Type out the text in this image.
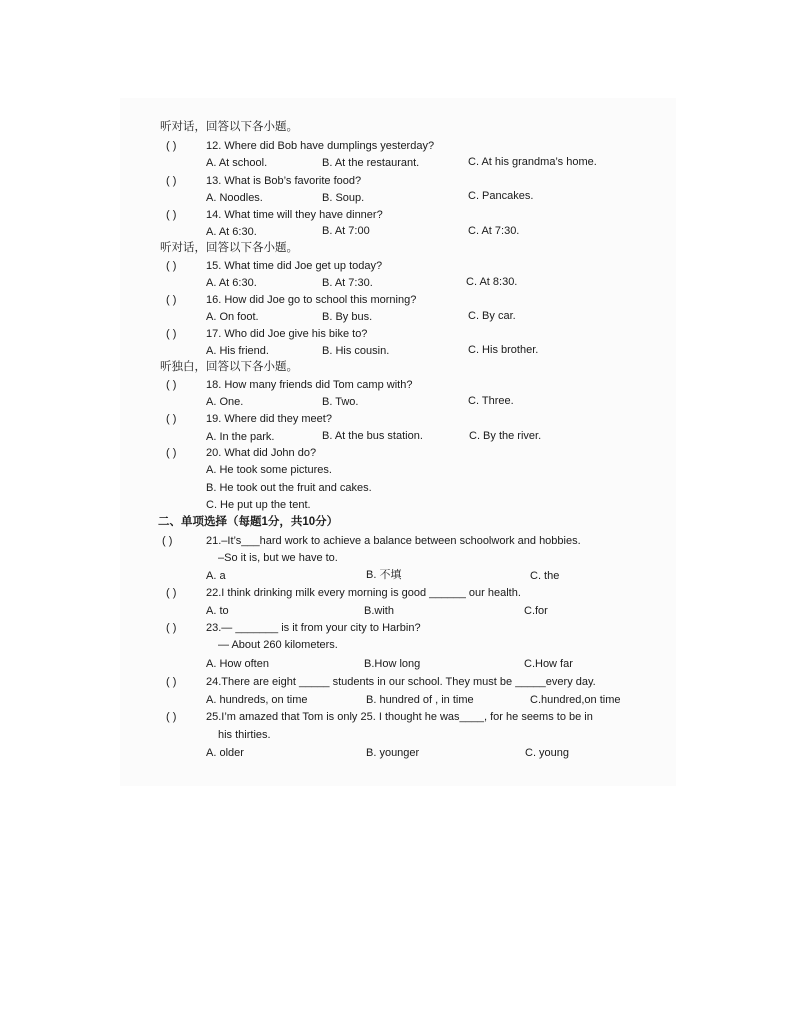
听对话，回答以下各小题。
( )	12. Where did Bob have dumplings yesterday?
A. At school.	B. At the restaurant.	C. At his grandma’s home.
( )	13. What is Bob’s favorite food?
A. Noodles.	B. Soup.	C. Pancakes.
( )	14. What time will they have dinner?
A. At 6:30.	B. At 7:00	C. At 7:30.
听对话，回答以下各小题。
( )	15. What time did Joe get up today?
A. At 6:30.	B. At 7:30.	C. At 8:30.
( )	16. How did Joe go to school this morning?
A. On foot.	B. By bus.	C. By car.
( )	17. Who did Joe give his bike to?
A. His friend.	B. His cousin.	C. His brother.
听独白，回答以下各小题。
( )	18. How many friends did Tom camp with?
A. One.	B. Two.	C. Three.
( )	19. Where did they meet?
A. In the park.	B. At the bus station.	C. By the river.
( )	20. What did John do?
A. He took some pictures.
B. He took out the fruit and cakes.
C. He put up the tent.
二、单项选择（每题1分，共10分）
( )	21.–It’s___hard work to achieve a balance between schoolwork and hobbies.
–So it is, but we have to.
A. a	B. 不填	C. the
( )	22.I think drinking milk every morning is good ______ our health.
A. to	B.with	C.for
( )	23.— _______ is it from your city to Harbin?
— About 260 kilometers.
A. How often	B.How long	C.How far
( )	24.There are eight _____ students in our school. They must be _____every day.
A. hundreds, on time	B. hundred of , in time	C.hundred,on time
( )	25.I’m amazed that Tom is only 25. I thought he was____, for he seems to be in
his thirties.
A. older	B. younger	C. young
